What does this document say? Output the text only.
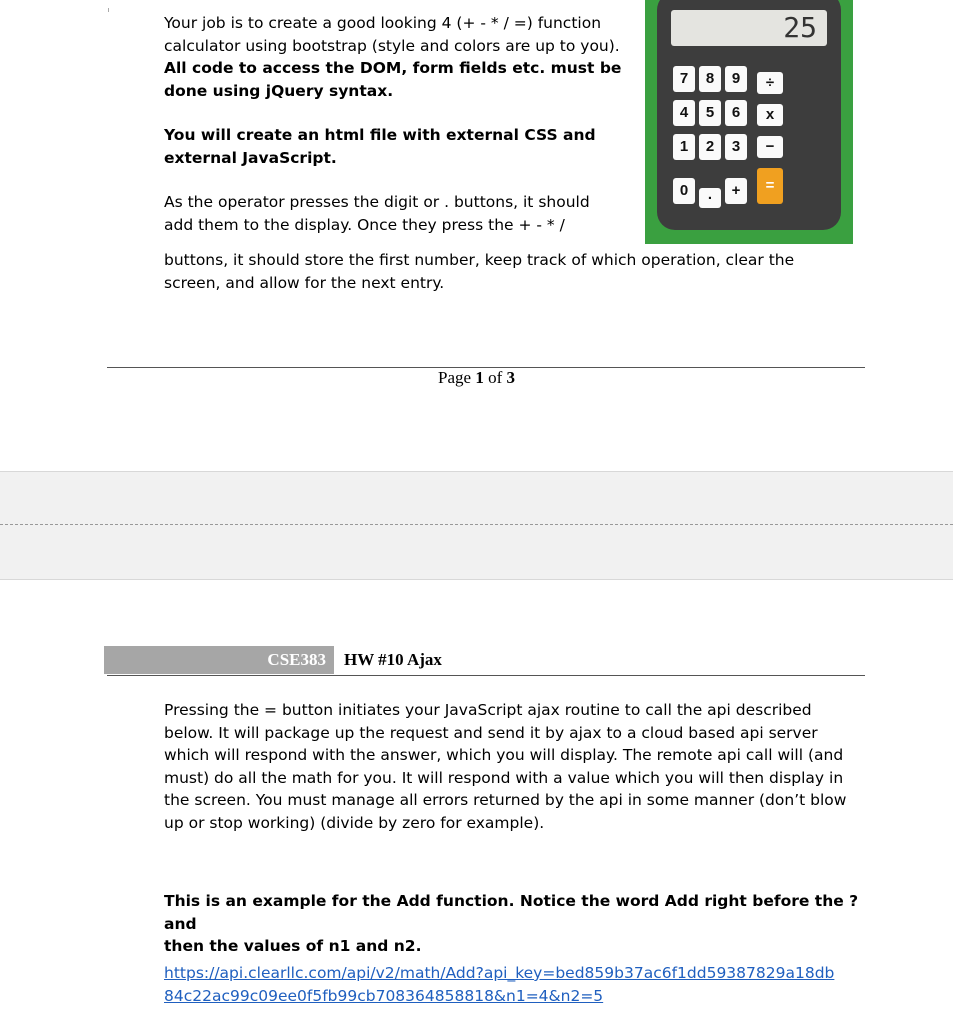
Your job is to create a good looking 4 (+ - * / =) function

calculator using bootstrap (style and colors are up to you).

All code to access the DOM, form fields etc. must be

done using jQuery syntax.

You will create an html file with external CSS and

external JavaScript.

As the operator presses the digit or . buttons, it should

add them to the display. Once they press the + - * /

buttons, it should store the first number, keep track of which operation, clear the

screen, and allow for the next entry.

25
7	8	9
4	5	6
1	2	3
0	.	+
÷
x
−
=
Page 1 of 3
CSE383	HW #10 Ajax

Pressing the = button initiates your JavaScript ajax routine to call the api described

below. It will package up the request and send it by ajax to a cloud based api server

which will respond with the answer, which you will display. The remote api call will (and

must) do all the math for you. It will respond with a value which you will then display in

the screen. You must manage all errors returned by the api in some manner (don’t blow

up or stop working) (divide by zero for example).

This is an example for the Add function. Notice the word Add right before the ? and

then the values of n1 and n2.

https://api.clearllc.com/api/v2/math/Add?api_key=bed859b37ac6f1dd59387829a18db

84c22ac99c09ee0f5fb99cb708364858818&n1=4&n2=5
